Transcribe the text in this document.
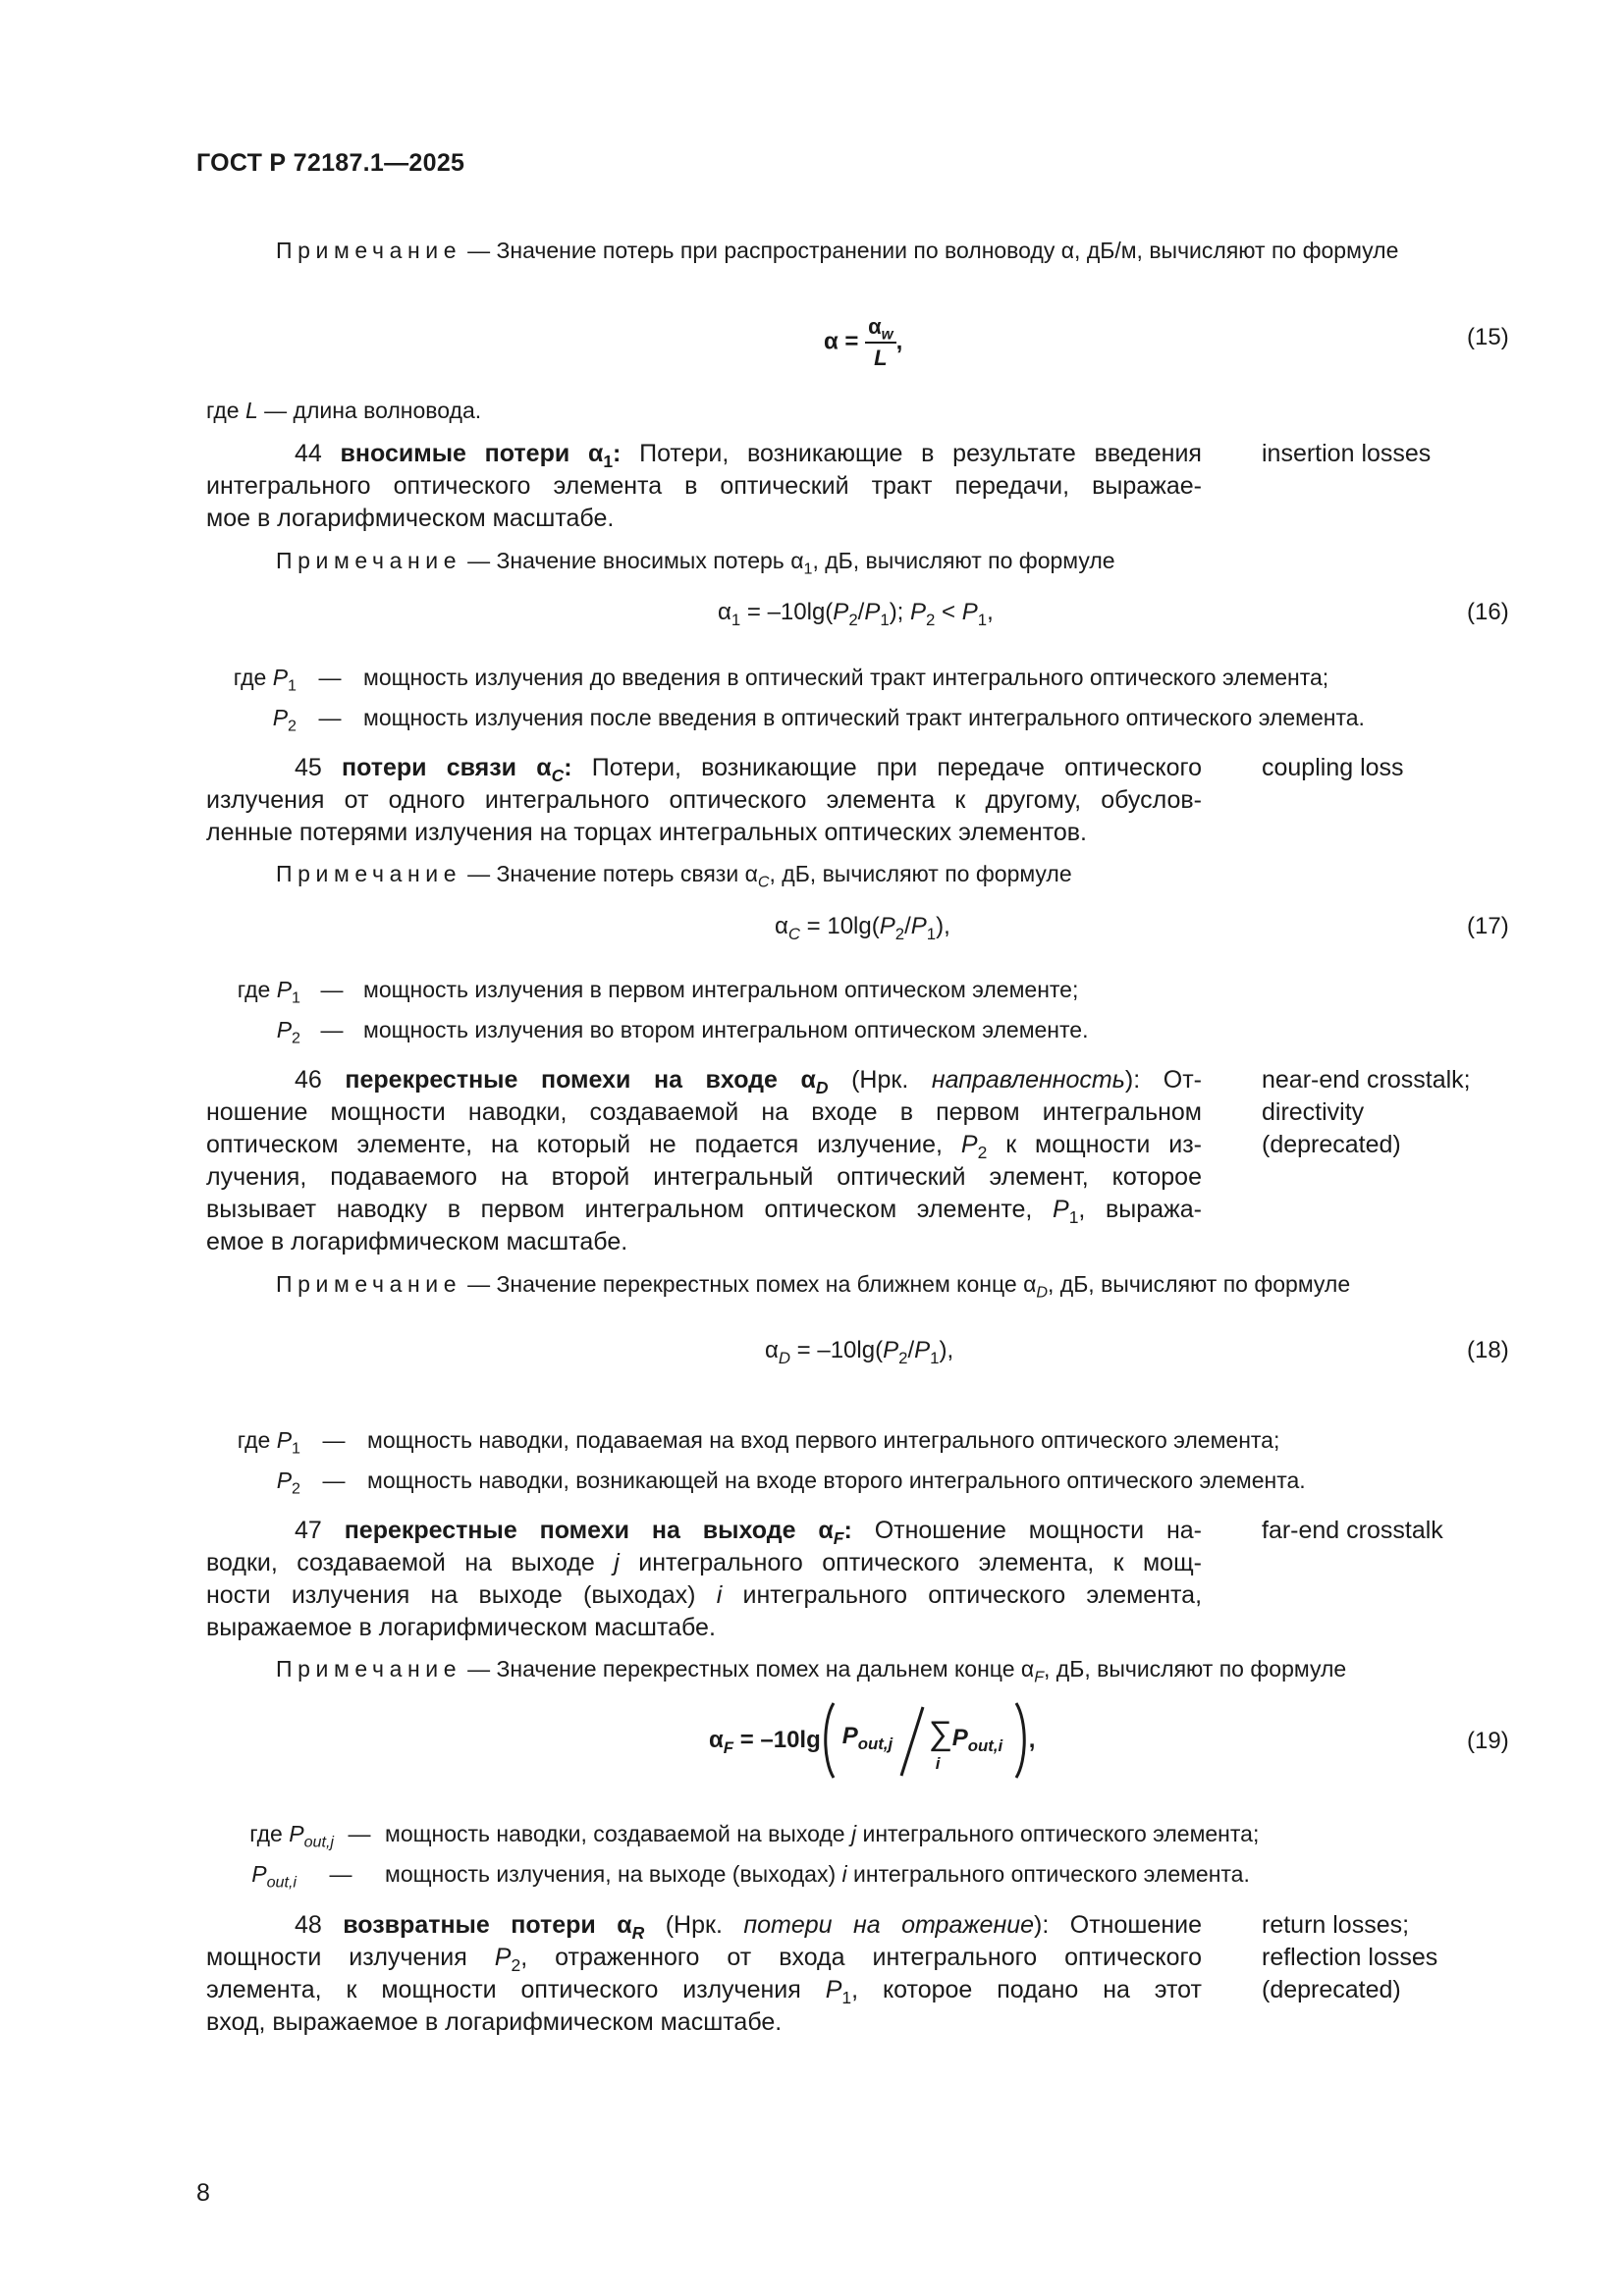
ГОСТ Р 72187.1—2025
Примечание — Значение потерь при распространении по волноводу α, дБ/м, вычисляют по формуле
$\alpha = \frac{\alpha_w}{L}$ ,	(15)
где L — длина волновода.
44 вносимые потери $\alpha_1$: Потери, возникающие в результате введения
интегрального оптического элемента в оптический тракт передачи, выражае-
мое в логарифмическом масштабе.
insertion losses
Примечание — Значение вносимых потерь $\alpha_1$, дБ, вычисляют по формуле
$\alpha_1 = -10\lg(P_2/P_1)$; $P_2 < P_1$,	(16)
где $P_1$ — мощность излучения до введения в оптический тракт интегрального оптического элемента;
$P_2$ — мощность излучения после введения в оптический тракт интегрального оптического элемента.
45 потери связи $\alpha_C$: Потери, возникающие при передаче оптического
излучения от одного интегрального оптического элемента к другому, обуслов-
ленные потерями излучения на торцах интегральных оптических элементов.
coupling loss
Примечание — Значение потерь связи $\alpha_C$, дБ, вычисляют по формуле
$\alpha_C = 10\lg(P_2/P_1)$,	(17)
где $P_1$ — мощность излучения в первом интегральном оптическом элементе;
$P_2$ — мощность излучения во втором интегральном оптическом элементе.
46 перекрестные помехи на входе $\alpha_D$ (Нрк. направленность): От-
ношение мощности наводки, создаваемой на входе в первом интегральном
оптическом элементе, на который не подается излучение, $P_2$ к мощности из-
лучения, подаваемого на второй интегральный оптический элемент, которое
вызывает наводку в первом интегральном оптическом элементе, $P_1$, выража-
емое в логарифмическом масштабе.
near-end crosstalk;
directivity
(deprecated)
Примечание — Значение перекрестных помех на ближнем конце $\alpha_D$, дБ, вычисляют по формуле
$\alpha_D = -10\lg(P_2/P_1)$,	(18)
где $P_1$ — мощность наводки, подаваемая на вход первого интегрального оптического элемента;
$P_2$ — мощность наводки, возникающей на входе второго интегрального оптического элемента.
47 перекрестные помехи на выходе $\alpha_F$: Отношение мощности на-
водки, создаваемой на выходе j интегрального оптического элемента, к мощ-
ности излучения на выходе (выходах) i интегрального оптического элемента,
выражаемое в логарифмическом масштабе.
far-end crosstalk
Примечание — Значение перекрестных помех на дальнем конце $\alpha_F$, дБ, вычисляют по формуле
$\alpha_F = -10\lg$ $P_{out,j}$ ∑ $P_{out,i}$
i
,	(19)
где $P_{out,j}$ — мощность наводки, создаваемой на выходе j интегрального оптического элемента;
$P_{out,i}$ — мощность излучения, на выходе (выходах) i интегрального оптического элемента.
48 возвратные потери $\alpha_R$ (Нрк. потери на отражение): Отношение
мощности излучения $P_2$, отраженного от входа интегрального оптического
элемента, к мощности оптического излучения $P_1$, которое подано на этот
вход, выражаемое в логарифмическом масштабе.
return losses;
reflection losses
(deprecated)
8
